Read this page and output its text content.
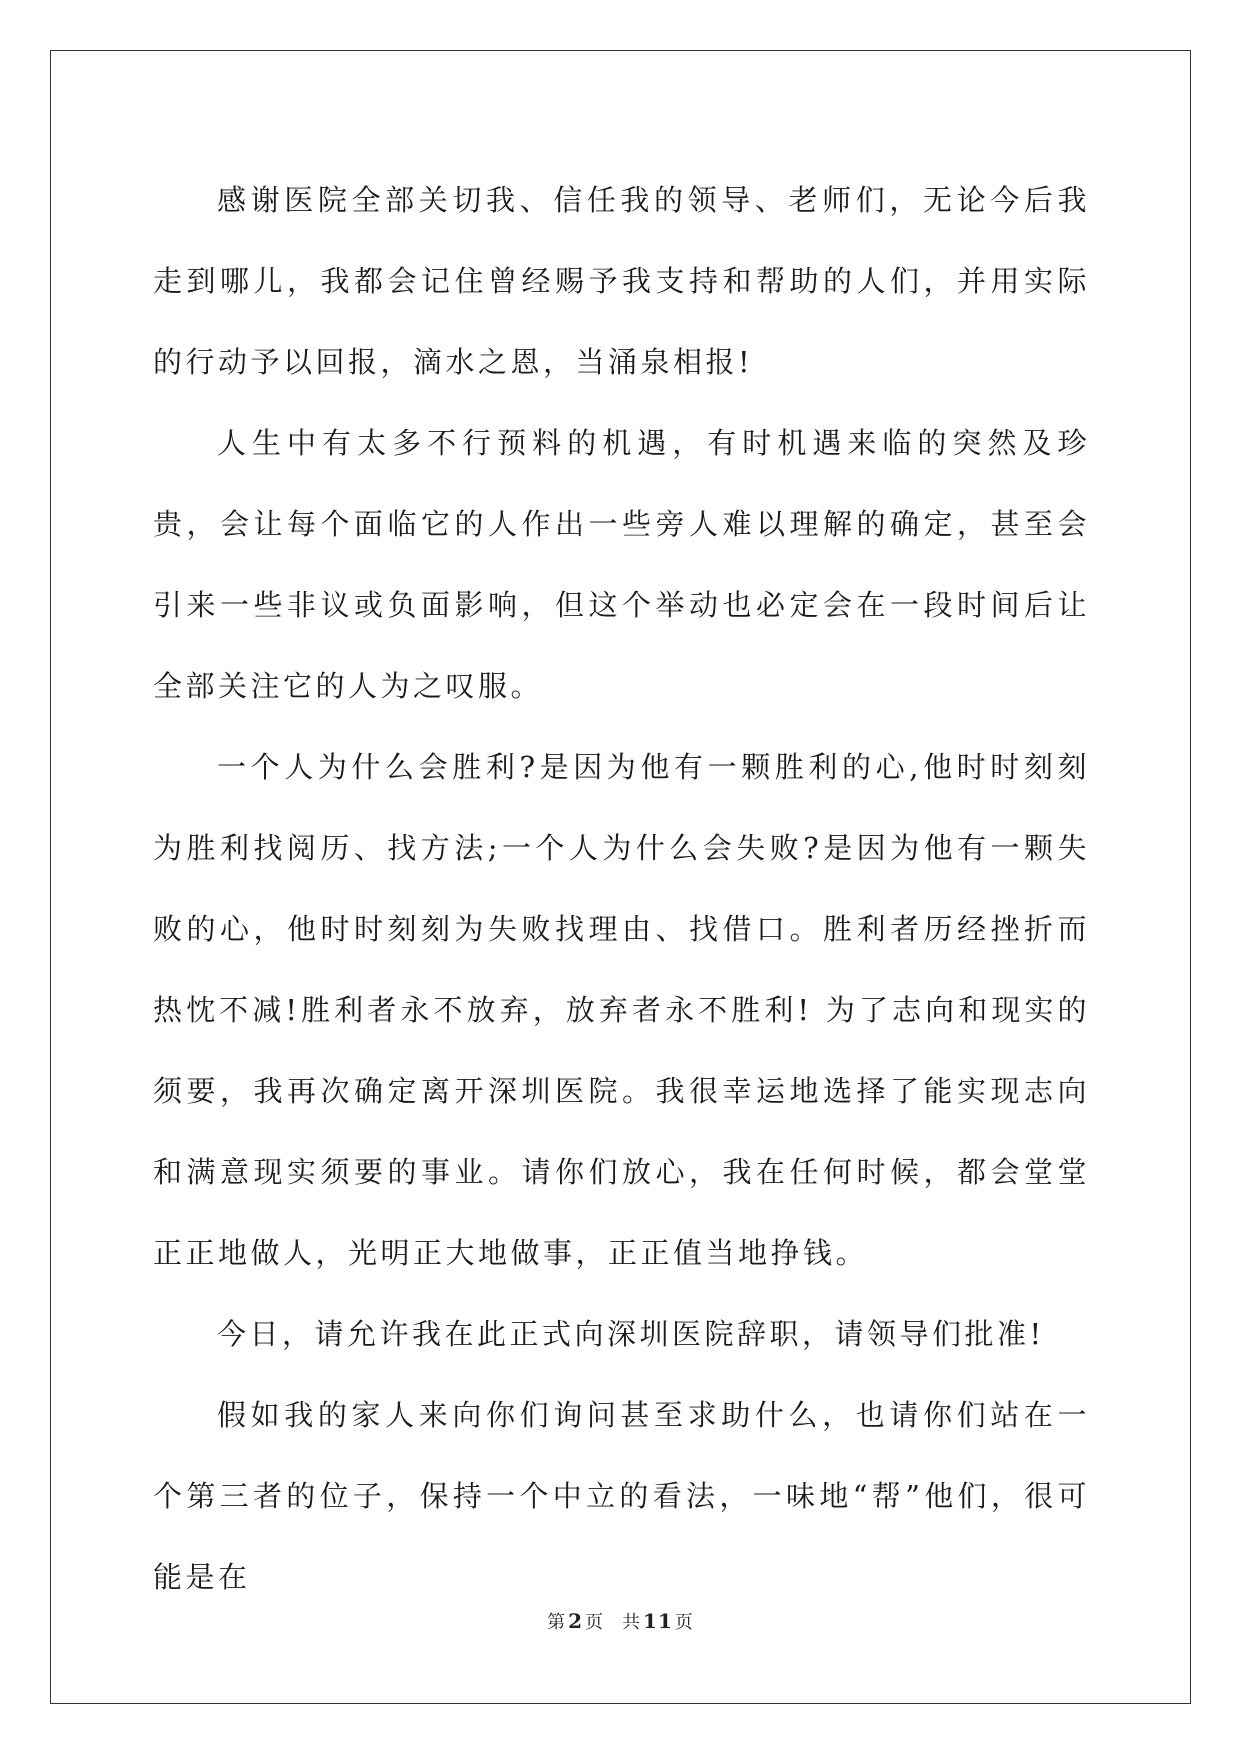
感谢医院全部关切我、信任我的领导、老师们，无论今后我走到哪儿，我都会记住曾经赐予我支持和帮助的人们，并用实际的行动予以回报，滴水之恩，当涌泉相报!

人生中有太多不行预料的机遇，有时机遇来临的突然及珍贵，会让每个面临它的人作出一些旁人难以理解的确定，甚至会引来一些非议或负面影响，但这个举动也必定会在一段时间后让全部关注它的人为之叹服。

一个人为什么会胜利?是因为他有一颗胜利的心,他时时刻刻为胜利找阅历、找方法;一个人为什么会失败?是因为他有一颗失败的心，他时时刻刻为失败找理由、找借口。胜利者历经挫折而热忱不减!胜利者永不放弃，放弃者永不胜利! 为了志向和现实的须要，我再次确定离开深圳医院。我很幸运地选择了能实现志向和满意现实须要的事业。请你们放心，我在任何时候，都会堂堂正正地做人，光明正大地做事，正正值当地挣钱。

今日，请允许我在此正式向深圳医院辞职，请领导们批准!

假如我的家人来向你们询问甚至求助什么，也请你们站在一个第三者的位子，保持一个中立的看法，一味地“帮”他们，很可能是在

第 2 页 共 11 页
